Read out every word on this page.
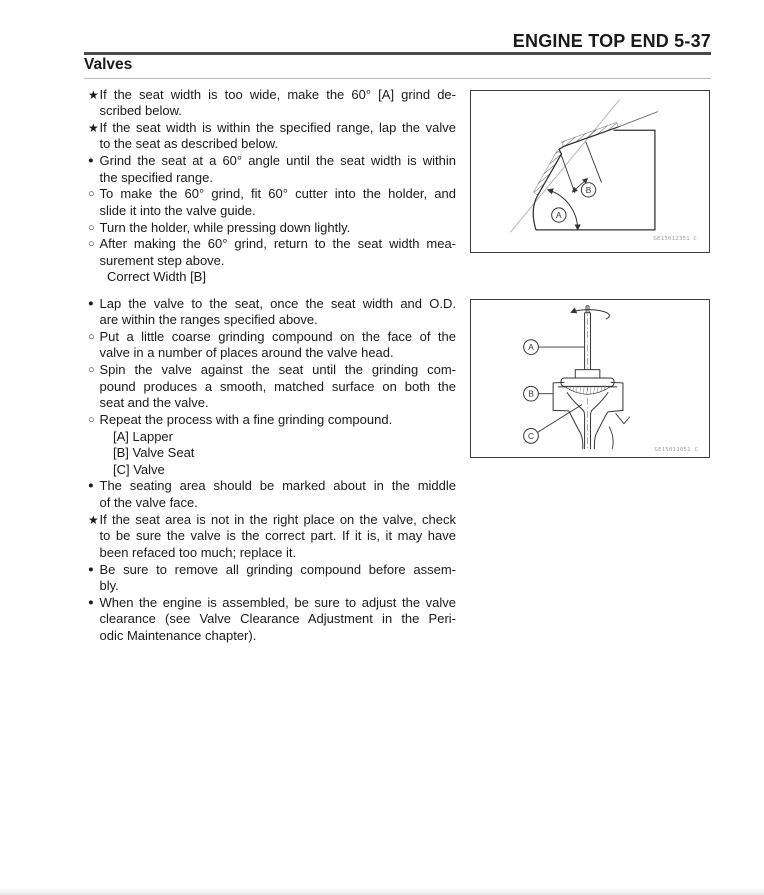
ENGINE TOP END 5-37
Valves
★ If the seat width is too wide, make the 60° [A] grind de-
scribed below.
★ If the seat width is within the specified range, lap the valve
to the seat as described below.
● Grind the seat at a 60° angle until the seat width is within
the specified range.
○ To make the 60° grind, fit 60° cutter into the holder, and
slide it into the valve guide.
○ Turn the holder, while pressing down lightly.
○ After making the 60° grind, return to the seat width mea-
surement step above.
Correct Width [B]
● Lap the valve to the seat, once the seat width and O.D.
are within the ranges specified above.
○ Put a little coarse grinding compound on the face of the
valve in a number of places around the valve head.
○ Spin the valve against the seat until the grinding com-
pound produces a smooth, matched surface on both the
seat and the valve.
○ Repeat the process with a fine grinding compound.
[A] Lapper
[B] Valve Seat
[C] Valve
● The seating area should be marked about in the middle
of the valve face.
★ If the seat area is not in the right place on the valve, check
to be sure the valve is the correct part. If it is, it may have
been refaced too much; replace it.
● Be sure to remove all grinding compound before assem-
bly.
● When the engine is assembled, be sure to adjust the valve
clearance (see Valve Clearance Adjustment in the Peri-
odic Maintenance chapter).
A
B
GE15012351 C
A
B
C
GE15012051 C
